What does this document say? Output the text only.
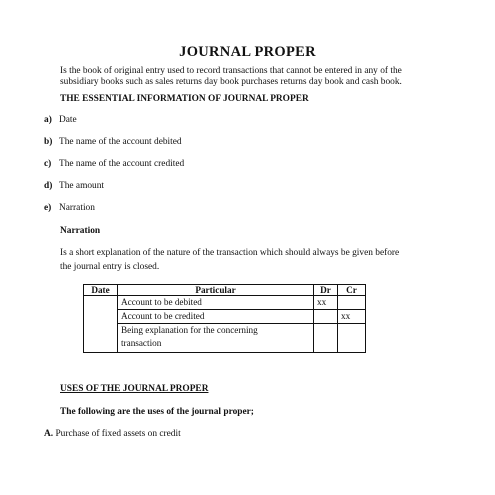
JOURNAL PROPER
Is the book of original entry used to record transactions that cannot be entered in any of the
subsidiary books such as sales returns day book purchases returns day book and cash book.
THE ESSENTIAL INFORMATION OF JOURNAL PROPER
a) Date
b) The name of the account debited
c) The name of the account credited
d) The amount
e) Narration
Narration
Is a short explanation of the nature of the transaction which should always be given before
the journal entry is closed.
Date	Particular	Dr	Cr
	Account to be debited	xx	
	Account to be credited		xx
	Being explanation for the concerning		
	transaction		
USES OF THE JOURNAL PROPER
The following are the uses of the journal proper;
A. Purchase of fixed assets on credit
